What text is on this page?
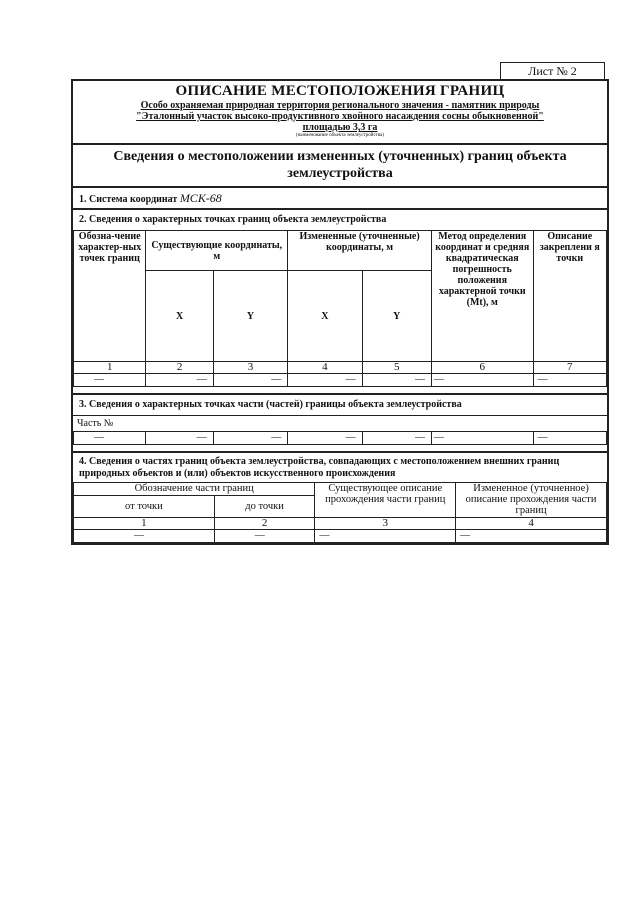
Лист № 2
ОПИСАНИЕ МЕСТОПОЛОЖЕНИЯ ГРАНИЦ
Особо охраняемая природная территория регионального значения - памятник природы
"Эталонный участок высоко-продуктивного хвойного насаждения сосны обыкновенной"
площадью 3,3 га
(наименование объекта землеустройства)
Сведения о местоположении измененных (уточненных) границ объекта землеустройства
1. Система координат МСК-68
2. Сведения о характерных точках границ объекта землеустройства
Обозна-чение характер-ных точек границ	Существующие координаты, м		Измененные (уточненные) координаты, м		Метод определения координат и средняя квадратическая погрешность положения характерной точки (Mt), м	Описание закреплени я точки
	X	Y	X	Y		
1	2	3	4	5	6	7
—	—	—	—	—	—	—
3. Сведения о характерных точках части (частей) границы объекта землеустройства
Часть №
—	—	—	—	—	—	—
4. Сведения о частях границ объекта землеустройства, совпадающих с местоположением внешних границ природных объектов и (или) объектов искусственного происхождения
Обозначение части границ		Существующее описание прохождения части границ	Измененное (уточненное) описание прохождения части границ
от точки	до точки		
1	2	3	4
—	—	—	—
